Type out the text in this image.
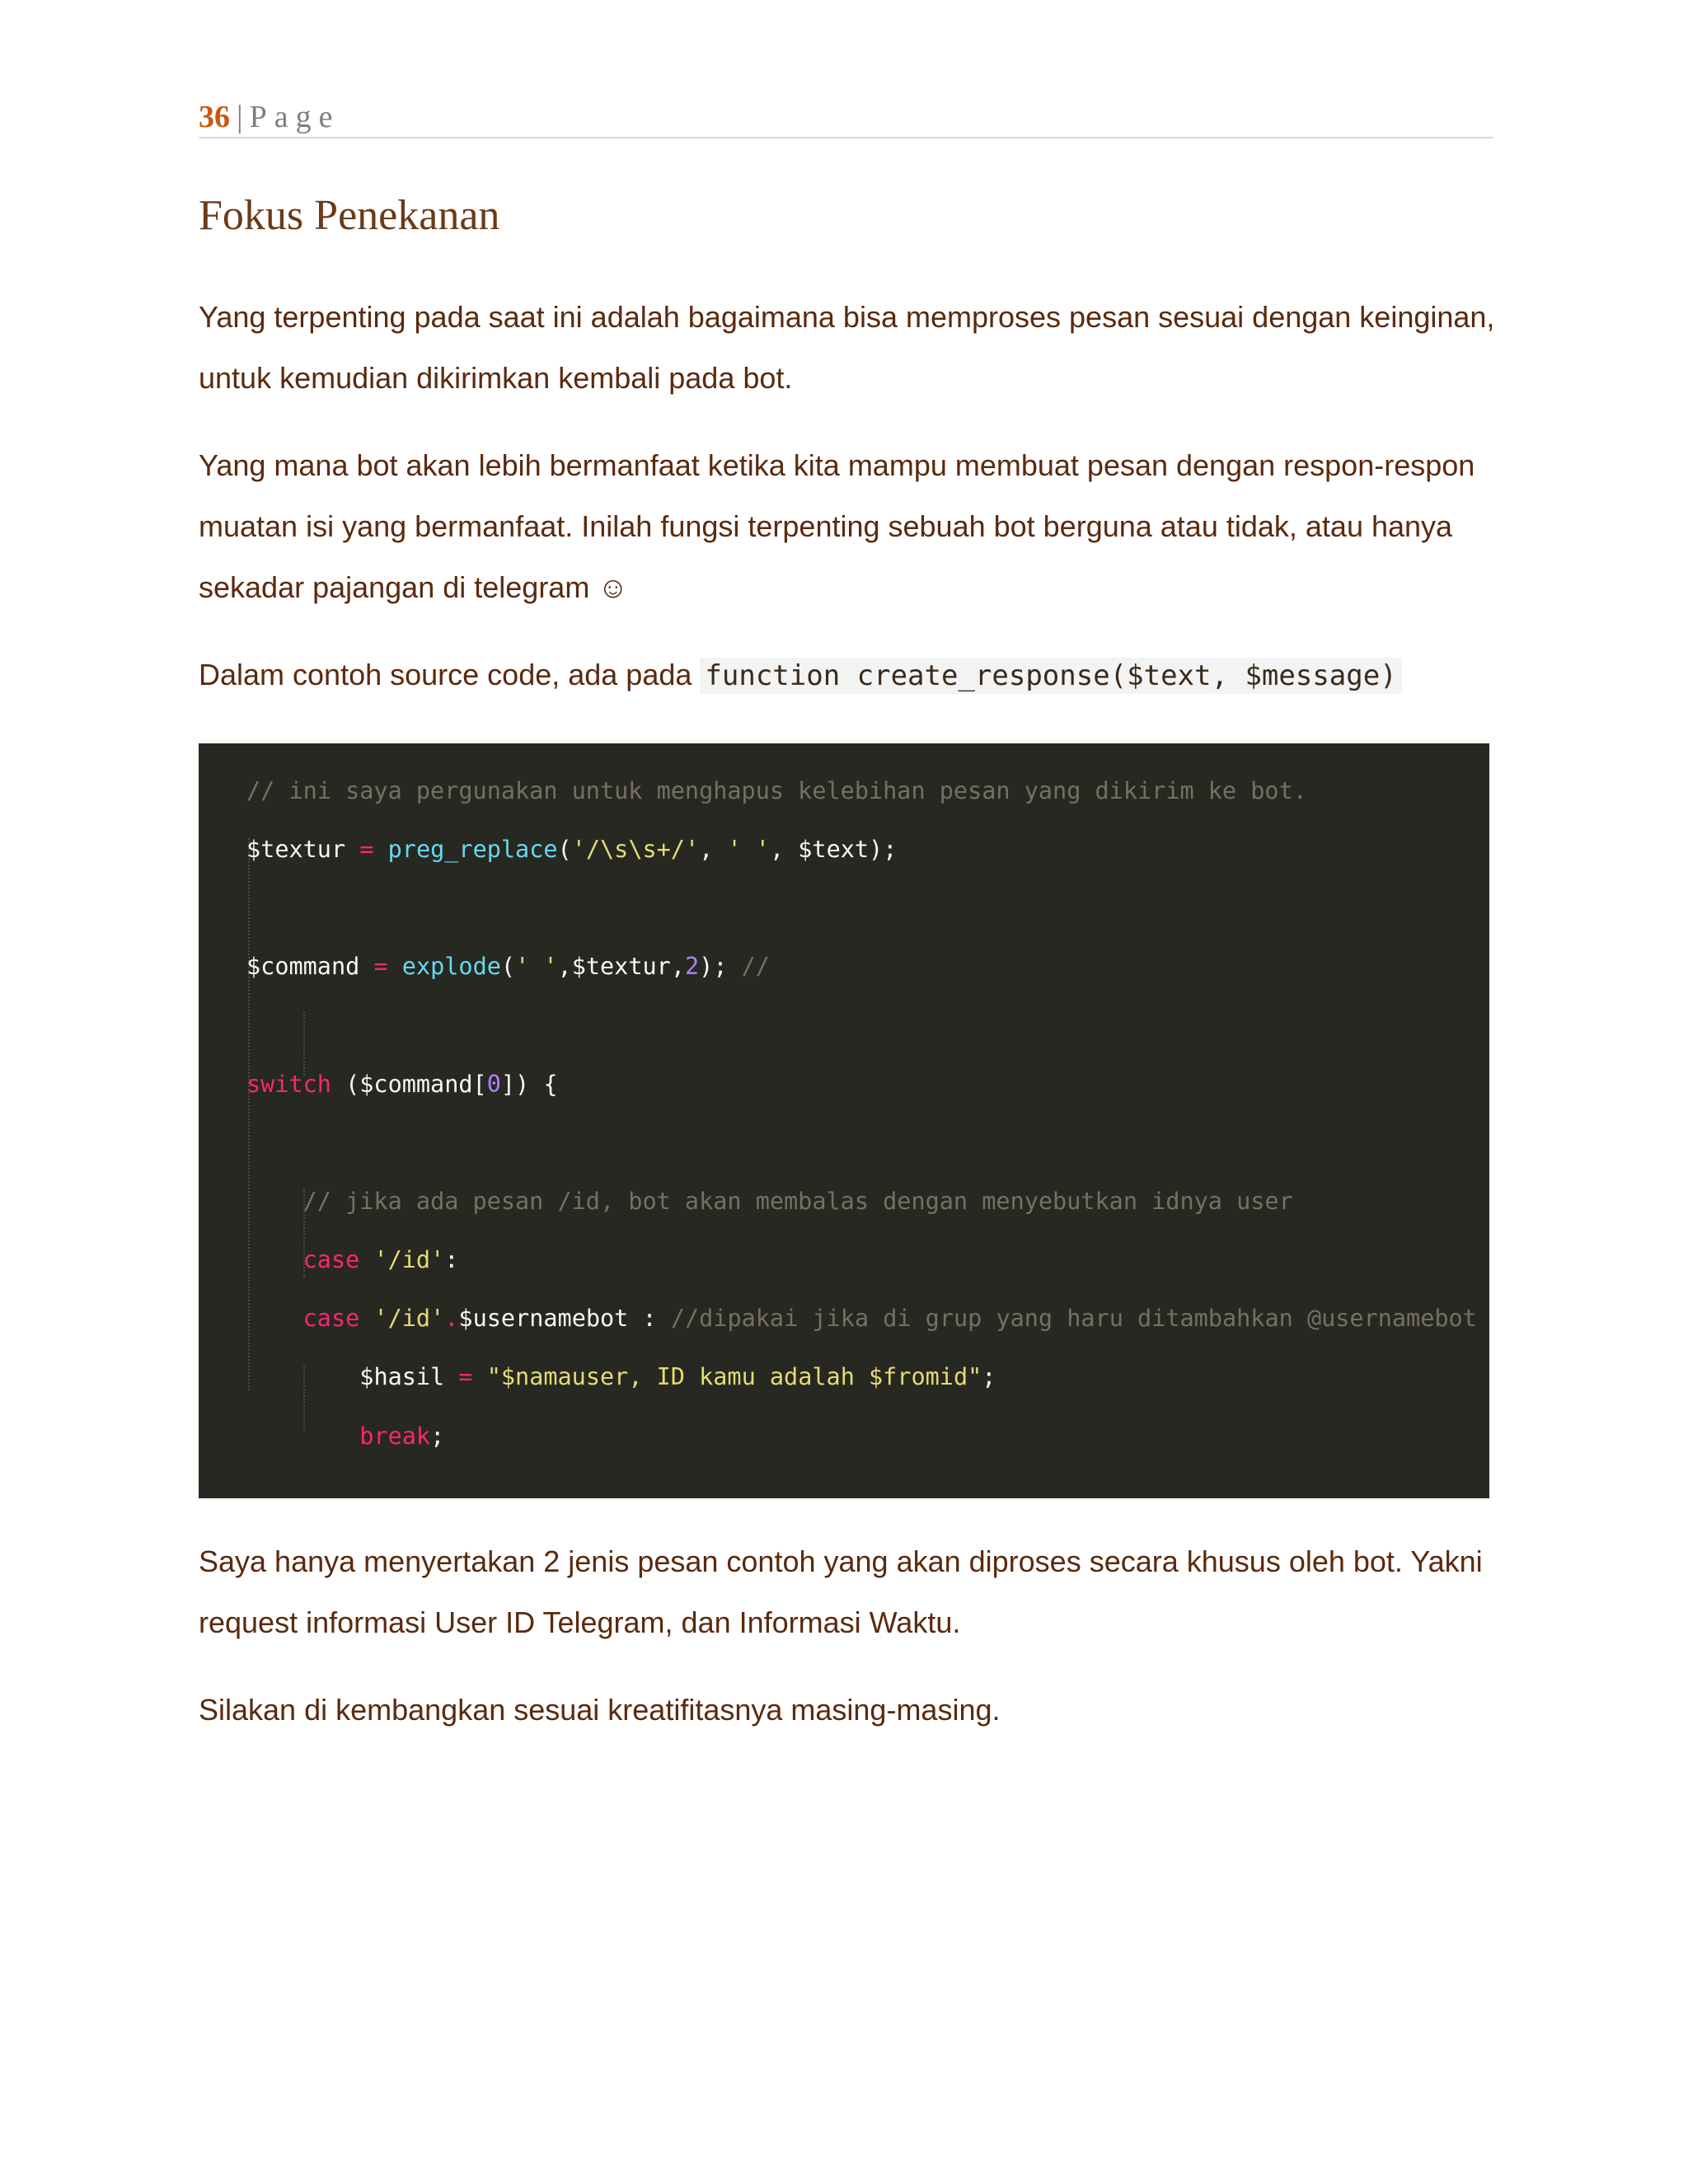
36 | Page
Fokus Penekanan

Yang terpenting pada saat ini adalah bagaimana bisa memproses pesan sesuai dengan keinginan, untuk kemudian dikirimkan kembali pada bot.

Yang mana bot akan lebih bermanfaat ketika kita mampu membuat pesan dengan respon-respon muatan isi yang bermanfaat. Inilah fungsi terpenting sebuah bot berguna atau tidak, atau hanya sekadar pajangan di telegram ☺

Dalam contoh source code, ada pada function create_response($text, $message)

// ini saya pergunakan untuk menghapus kelebihan pesan yang dikirim ke bot.

$textur = preg_replace('/\s\s+/', ' ', $text);

$command = explode(' ',$textur,2); //

switch ($command[0]) {

// jika ada pesan /id, bot akan membalas dengan menyebutkan idnya user

case '/id':

case '/id'.$usernamebot : //dipakai jika di grup yang haru ditambahkan @usernamebot

$hasil = "$namauser, ID kamu adalah $fromid";

break;

Saya hanya menyertakan 2 jenis pesan contoh yang akan diproses secara khusus oleh bot. Yakni request informasi User ID Telegram, dan Informasi Waktu.

Silakan di kembangkan sesuai kreatifitasnya masing-masing.
